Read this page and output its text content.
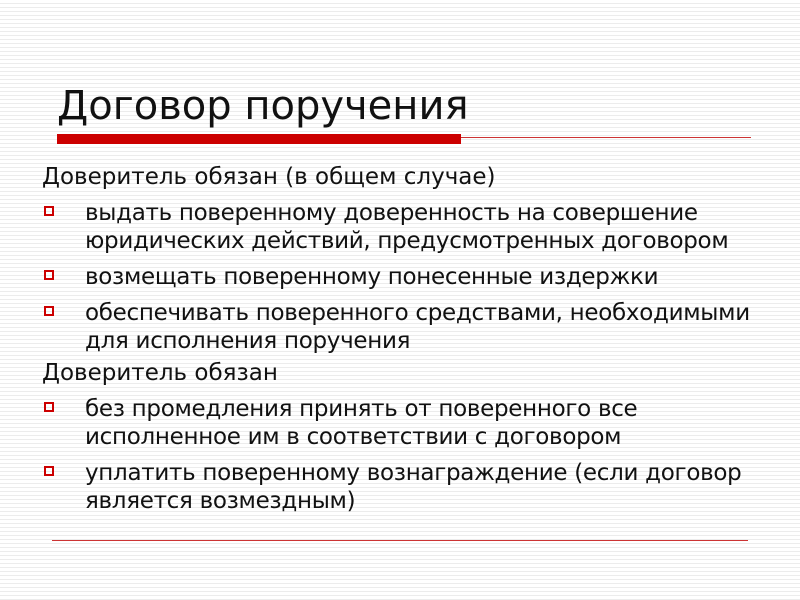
Договор поручения
Доверитель обязан (в общем случае)
выдать поверенному доверенность на совершение юридических действий, предусмотренных договором
возмещать поверенному понесенные издержки
обеспечивать поверенного средствами, необходимыми для исполнения поручения
Доверитель обязан
без промедления принять от поверенного все исполненное им в соответствии с договором
уплатить поверенному вознаграждение (если договор является возмездным)
